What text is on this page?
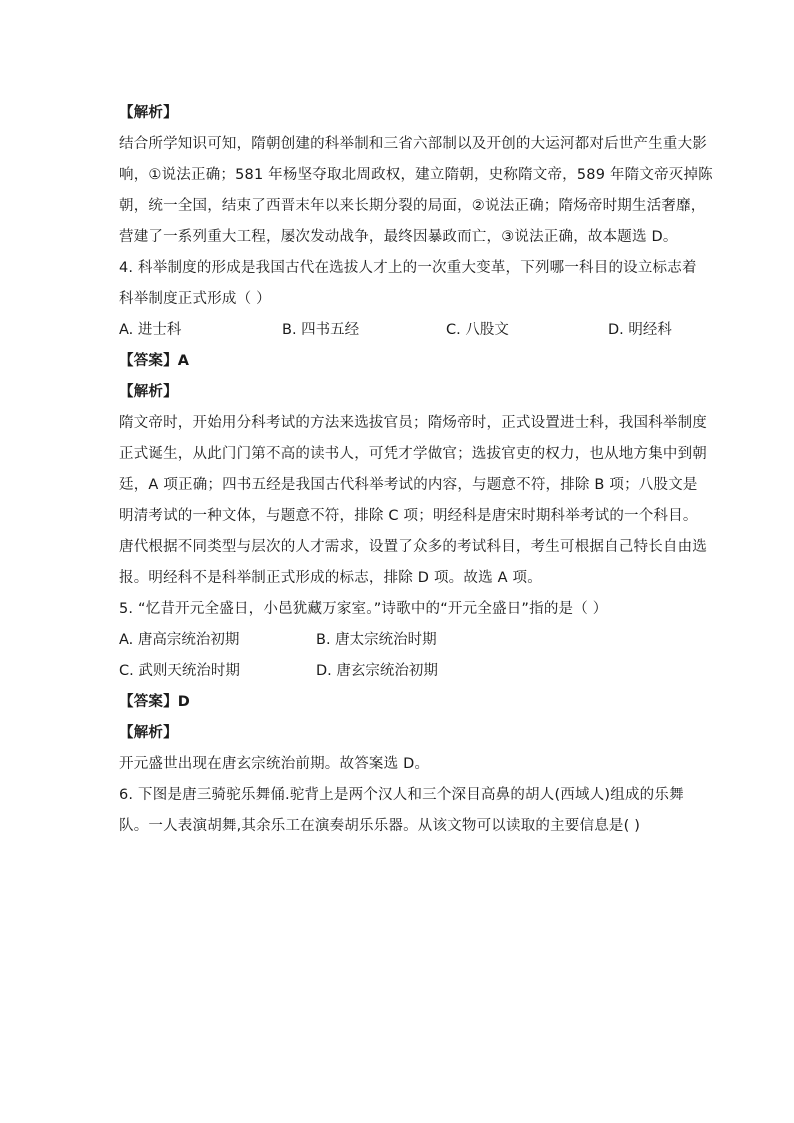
【解析】
结合所学知识可知，隋朝创建的科举制和三省六部制以及开创的大运河都对后世产生重大影
响，①说法正确；581 年杨坚夺取北周政权，建立隋朝，史称隋文帝，589 年隋文帝灭掉陈
朝，统一全国，结束了西晋末年以来长期分裂的局面，②说法正确；隋炀帝时期生活奢靡，
营建了一系列重大工程，屡次发动战争，最终因暴政而亡，③说法正确，故本题选 D。
4. 科举制度的形成是我国古代在选拔人才上的一次重大变革，下列哪一科目的设立标志着
科举制度正式形成（ ）
A. 进士科	B. 四书五经	C. 八股文	D. 明经科
【答案】A
【解析】
隋文帝时，开始用分科考试的方法来选拔官员；隋炀帝时，正式设置进士科，我国科举制度
正式诞生，从此门门第不高的读书人，可凭才学做官；选拔官吏的权力，也从地方集中到朝
廷，A 项正确；四书五经是我国古代科举考试的内容，与题意不符，排除 B 项；八股文是
明清考试的一种文体，与题意不符，排除 C 项；明经科是唐宋时期科举考试的一个科目。
唐代根据不同类型与层次的人才需求，设置了众多的考试科目，考生可根据自己特长自由选
报。明经科不是科举制正式形成的标志，排除 D 项。故选 A 项。
5. “忆昔开元全盛日，小邑犹藏万家室。”诗歌中的“开元全盛日”指的是（ ）
A. 唐高宗统治初期	B. 唐太宗统治时期
C. 武则天统治时期	D. 唐玄宗统治初期
【答案】D
【解析】
开元盛世出现在唐玄宗统治前期。故答案选 D。
6. 下图是唐三骑驼乐舞俑.驼背上是两个汉人和三个深目高鼻的胡人(西域人)组成的乐舞
队。一人表演胡舞,其余乐工在演奏胡乐乐器。从该文物可以读取的主要信息是( )
